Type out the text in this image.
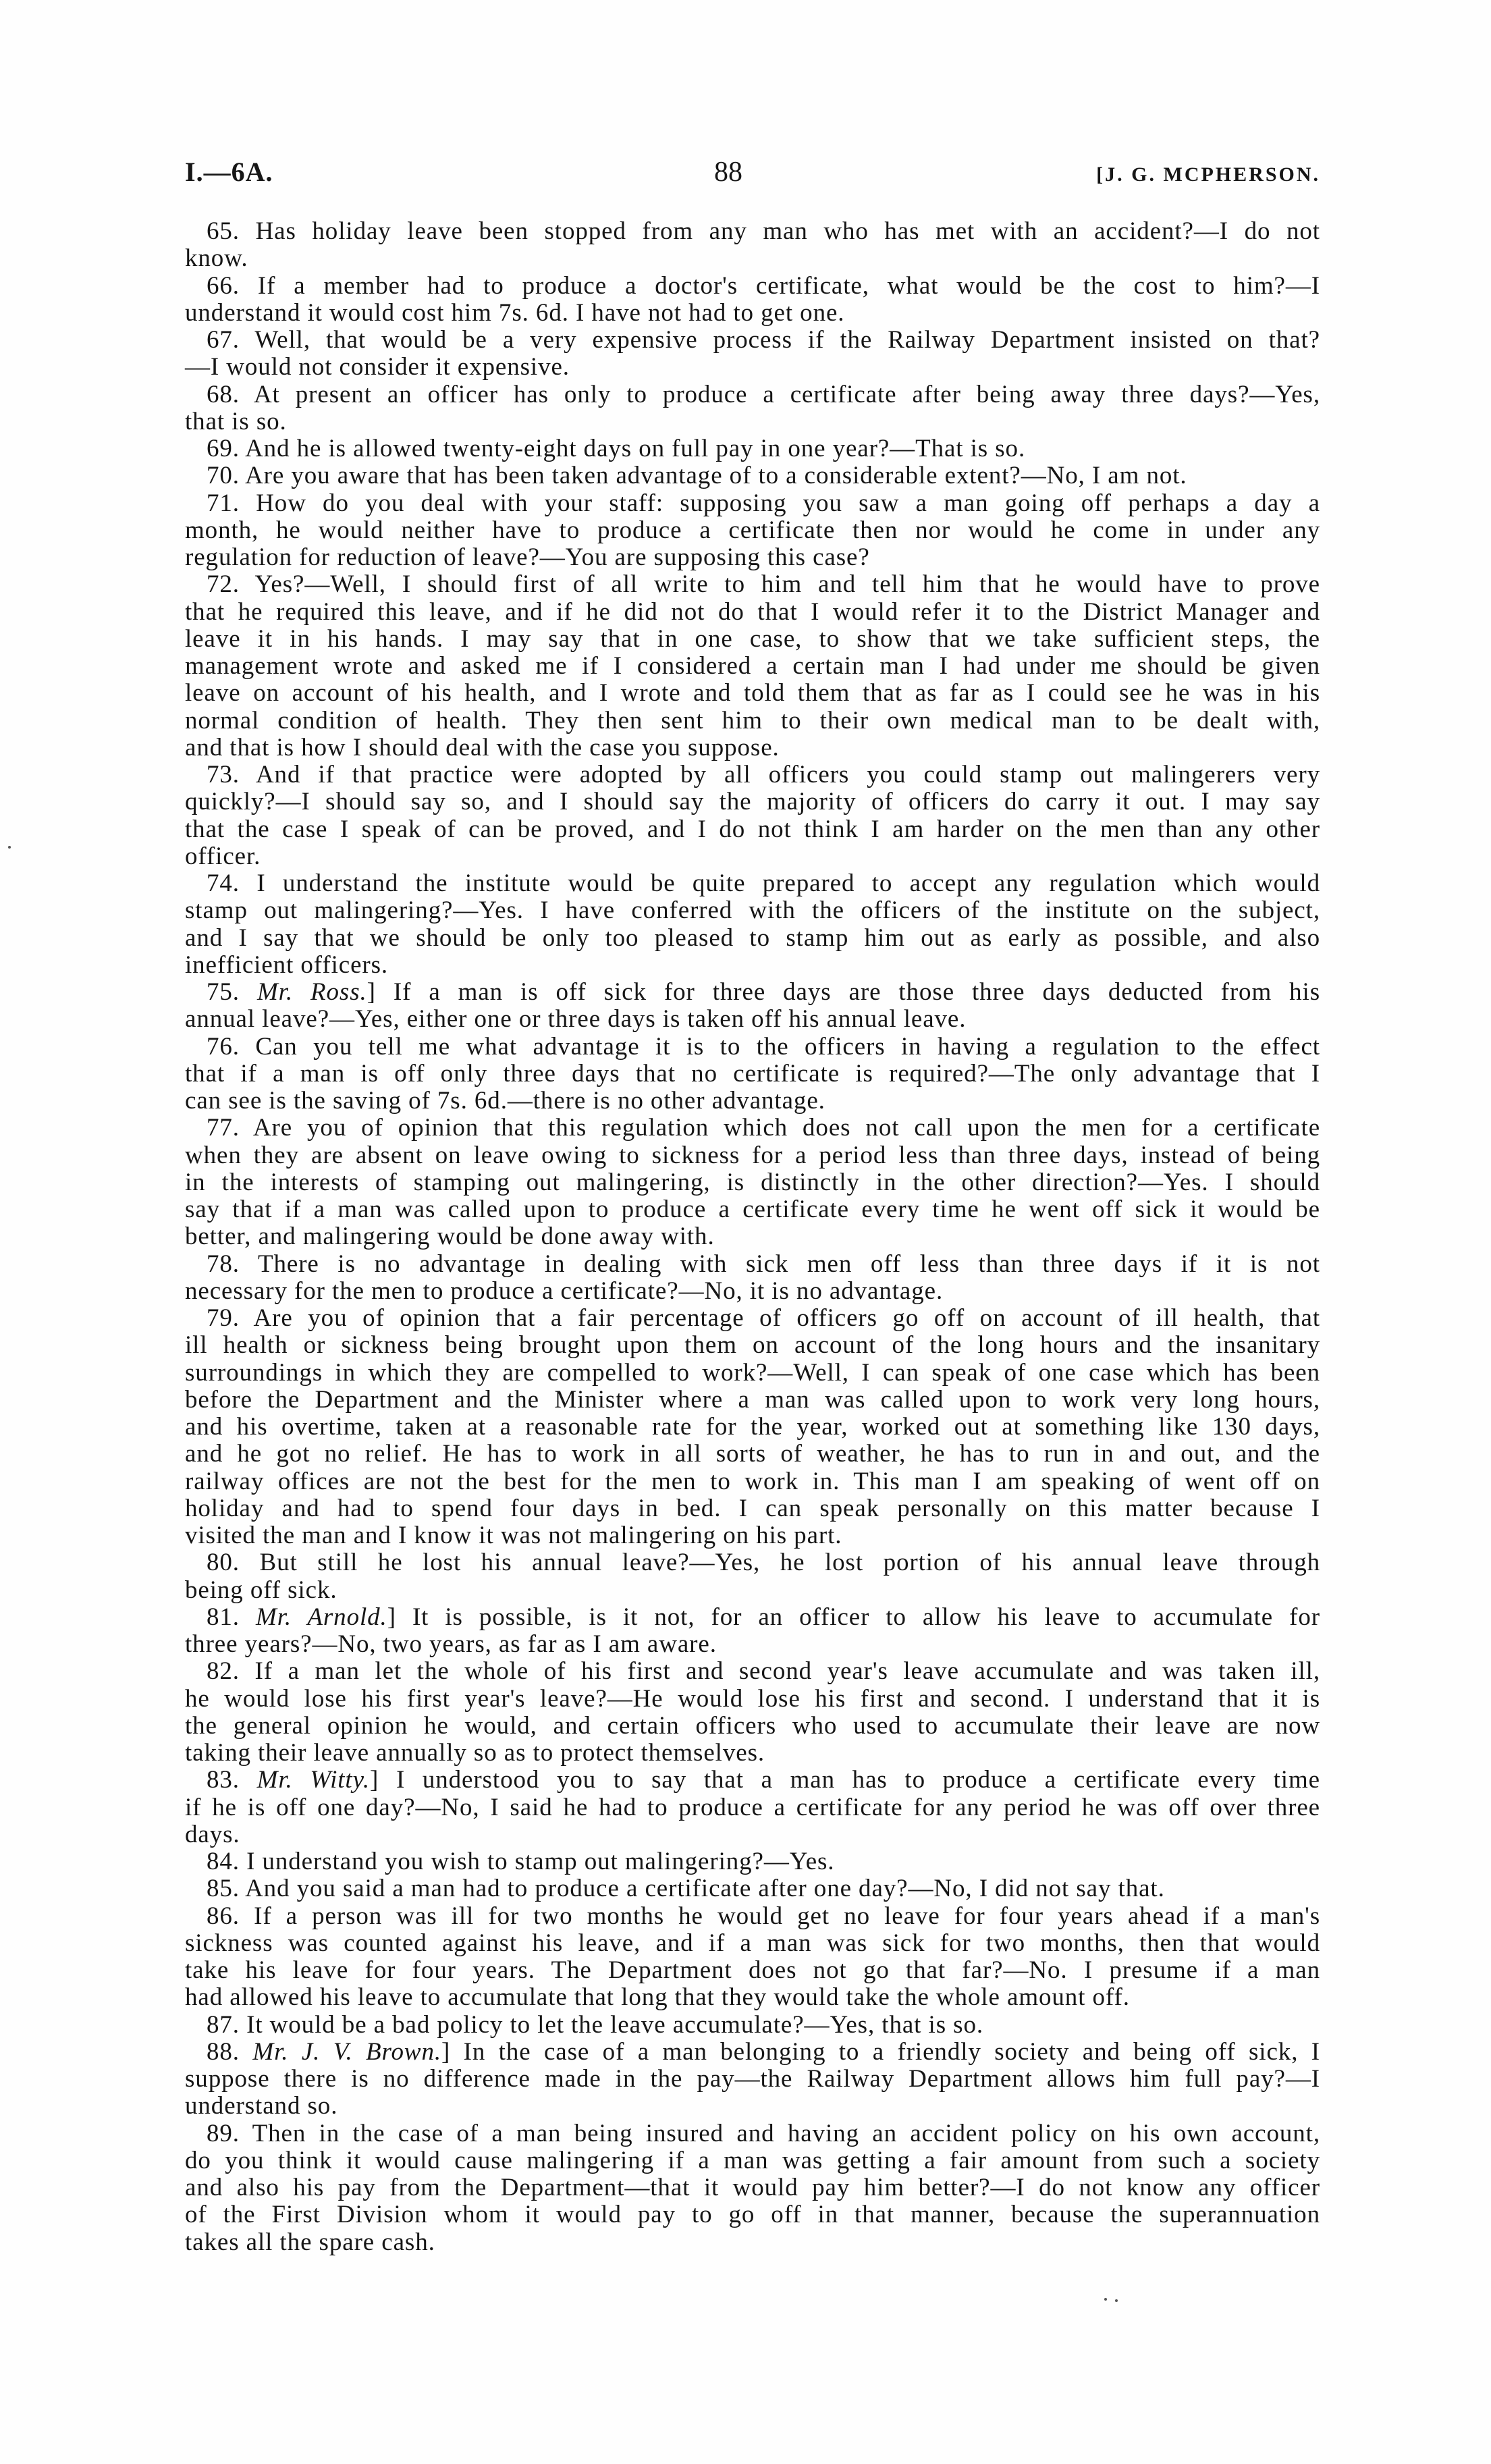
I.—6A.	88	[J. G. MCPHERSON.
65. Has holiday leave been stopped from any man who has met with an accident?—I do not
know.
66. If a member had to produce a doctor's certificate, what would be the cost to him?—I
understand it would cost him 7s. 6d. I have not had to get one.
67. Well, that would be a very expensive process if the Railway Department insisted on that?
—I would not consider it expensive.
68. At present an officer has only to produce a certificate after being away three days?—Yes,
that is so.
69. And he is allowed twenty-eight days on full pay in one year?—That is so.
70. Are you aware that has been taken advantage of to a considerable extent?—No, I am not.
71. How do you deal with your staff: supposing you saw a man going off perhaps a day a
month, he would neither have to produce a certificate then nor would he come in under any
regulation for reduction of leave?—You are supposing this case?
72. Yes?—Well, I should first of all write to him and tell him that he would have to prove
that he required this leave, and if he did not do that I would refer it to the District Manager and
leave it in his hands. I may say that in one case, to show that we take sufficient steps, the
management wrote and asked me if I considered a certain man I had under me should be given
leave on account of his health, and I wrote and told them that as far as I could see he was in his
normal condition of health. They then sent him to their own medical man to be dealt with,
and that is how I should deal with the case you suppose.
73. And if that practice were adopted by all officers you could stamp out malingerers very
quickly?—I should say so, and I should say the majority of officers do carry it out. I may say
that the case I speak of can be proved, and I do not think I am harder on the men than any other
officer.
74. I understand the institute would be quite prepared to accept any regulation which would
stamp out malingering?—Yes. I have conferred with the officers of the institute on the subject,
and I say that we should be only too pleased to stamp him out as early as possible, and also
inefficient officers.
75. Mr. Ross.] If a man is off sick for three days are those three days deducted from his
annual leave?—Yes, either one or three days is taken off his annual leave.
76. Can you tell me what advantage it is to the officers in having a regulation to the effect
that if a man is off only three days that no certificate is required?—The only advantage that I
can see is the saving of 7s. 6d.—there is no other advantage.
77. Are you of opinion that this regulation which does not call upon the men for a certificate
when they are absent on leave owing to sickness for a period less than three days, instead of being
in the interests of stamping out malingering, is distinctly in the other direction?—Yes. I should
say that if a man was called upon to produce a certificate every time he went off sick it would be
better, and malingering would be done away with.
78. There is no advantage in dealing with sick men off less than three days if it is not
necessary for the men to produce a certificate?—No, it is no advantage.
79. Are you of opinion that a fair percentage of officers go off on account of ill health, that
ill health or sickness being brought upon them on account of the long hours and the insanitary
surroundings in which they are compelled to work?—Well, I can speak of one case which has been
before the Department and the Minister where a man was called upon to work very long hours,
and his overtime, taken at a reasonable rate for the year, worked out at something like 130 days,
and he got no relief. He has to work in all sorts of weather, he has to run in and out, and the
railway offices are not the best for the men to work in. This man I am speaking of went off on
holiday and had to spend four days in bed. I can speak personally on this matter because I
visited the man and I know it was not malingering on his part.
80. But still he lost his annual leave?—Yes, he lost portion of his annual leave through
being off sick.
81. Mr. Arnold.] It is possible, is it not, for an officer to allow his leave to accumulate for
three years?—No, two years, as far as I am aware.
82. If a man let the whole of his first and second year's leave accumulate and was taken ill,
he would lose his first year's leave?—He would lose his first and second. I understand that it is
the general opinion he would, and certain officers who used to accumulate their leave are now
taking their leave annually so as to protect themselves.
83. Mr. Witty.] I understood you to say that a man has to produce a certificate every time
if he is off one day?—No, I said he had to produce a certificate for any period he was off over three
days.
84. I understand you wish to stamp out malingering?—Yes.
85. And you said a man had to produce a certificate after one day?—No, I did not say that.
86. If a person was ill for two months he would get no leave for four years ahead if a man's
sickness was counted against his leave, and if a man was sick for two months, then that would
take his leave for four years. The Department does not go that far?—No. I presume if a man
had allowed his leave to accumulate that long that they would take the whole amount off.
87. It would be a bad policy to let the leave accumulate?—Yes, that is so.
88. Mr. J. V. Brown.] In the case of a man belonging to a friendly society and being off sick, I
suppose there is no difference made in the pay—the Railway Department allows him full pay?—I
understand so.
89. Then in the case of a man being insured and having an accident policy on his own account,
do you think it would cause malingering if a man was getting a fair amount from such a society
and also his pay from the Department—that it would pay him better?—I do not know any officer
of the First Division whom it would pay to go off in that manner, because the superannuation
takes all the spare cash.
